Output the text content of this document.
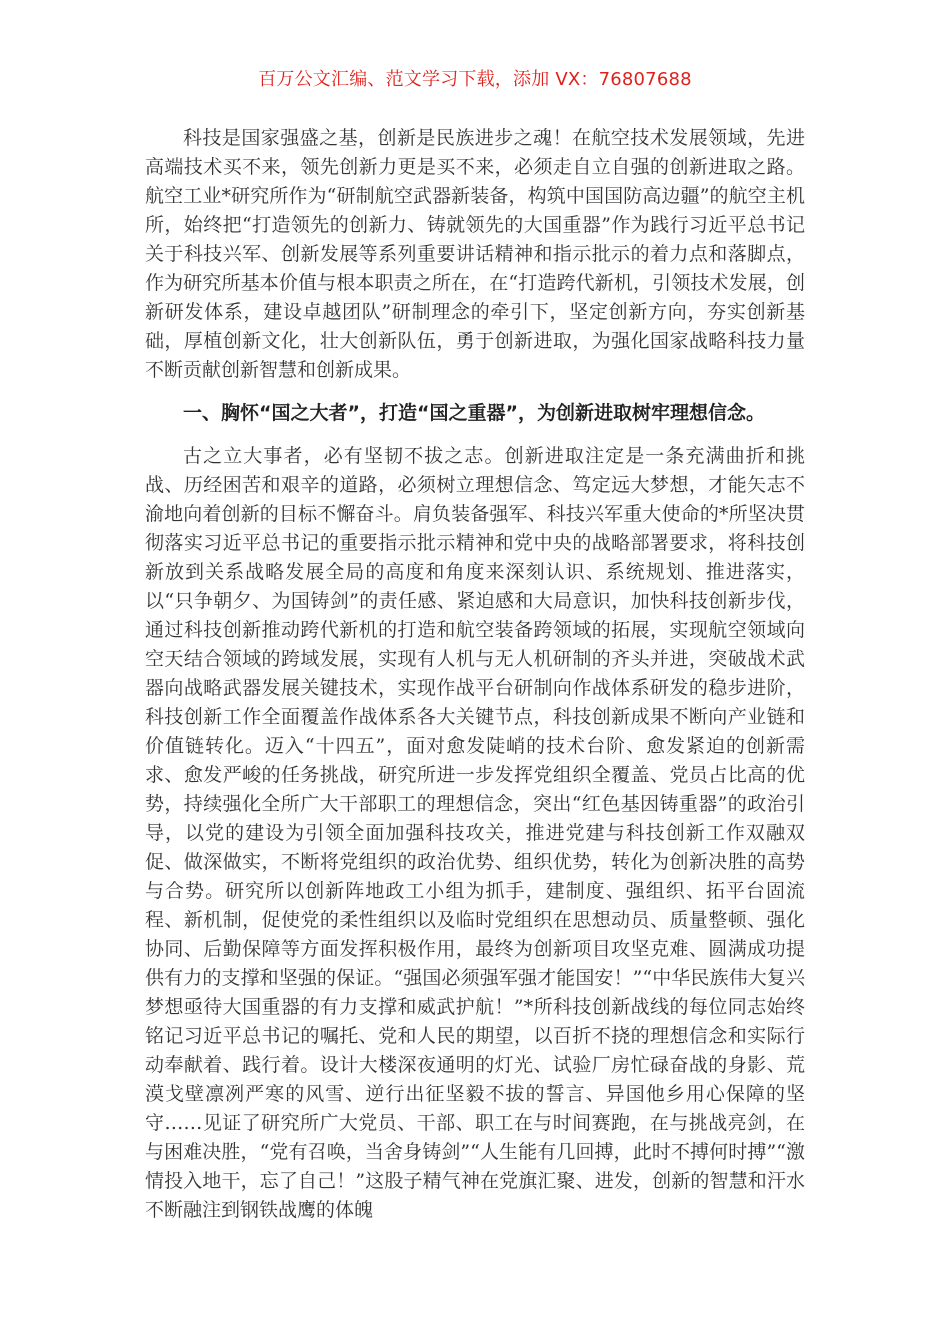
百万公文汇编、范文学习下载，添加 VX：76807688

科技是国家强盛之基，创新是民族进步之魂！在航空技术发展领域，先进高端技术买不来，领先创新力更是买不来，必须走自立自强的创新进取之路。航空工业*研究所作为“研制航空武器新装备，构筑中国国防高边疆”的航空主机所，始终把“打造领先的创新力、铸就领先的大国重器”作为践行习近平总书记关于科技兴军、创新发展等系列重要讲话精神和指示批示的着力点和落脚点，作为研究所基本价值与根本职责之所在，在“打造跨代新机，引领技术发展，创新研发体系，建设卓越团队”研制理念的牵引下，坚定创新方向，夯实创新基础，厚植创新文化，壮大创新队伍，勇于创新进取，为强化国家战略科技力量不断贡献创新智慧和创新成果。

一、胸怀“国之大者”，打造“国之重器”，为创新进取树牢理想信念。

古之立大事者，必有坚韧不拔之志。创新进取注定是一条充满曲折和挑战、历经困苦和艰辛的道路，必须树立理想信念、笃定远大梦想，才能矢志不渝地向着创新的目标不懈奋斗。肩负装备强军、科技兴军重大使命的*所坚决贯彻落实习近平总书记的重要指示批示精神和党中央的战略部署要求，将科技创新放到关系战略发展全局的高度和角度来深刻认识、系统规划、推进落实，以“只争朝夕、为国铸剑”的责任感、紧迫感和大局意识，加快科技创新步伐，通过科技创新推动跨代新机的打造和航空装备跨领域的拓展，实现航空领域向空天结合领域的跨域发展，实现有人机与无人机研制的齐头并进，突破战术武器向战略武器发展关键技术，实现作战平台研制向作战体系研发的稳步进阶，科技创新工作全面覆盖作战体系各大关键节点，科技创新成果不断向产业链和价值链转化。迈入“十四五”，面对愈发陡峭的技术台阶、愈发紧迫的创新需求、愈发严峻的任务挑战，研究所进一步发挥党组织全覆盖、党员占比高的优势，持续强化全所广大干部职工的理想信念，突出“红色基因铸重器”的政治引导，以党的建设为引领全面加强科技攻关，推进党建与科技创新工作双融双促、做深做实，不断将党组织的政治优势、组织优势，转化为创新决胜的高势与合势。研究所以创新阵地政工小组为抓手，建制度、强组织、拓平台固流程、新机制，促使党的柔性组织以及临时党组织在思想动员、质量整顿、强化协同、后勤保障等方面发挥积极作用，最终为创新项目攻坚克难、圆满成功提供有力的支撑和坚强的保证。“强国必须强军强才能国安！”“中华民族伟大复兴梦想亟待大国重器的有力支撑和威武护航！”*所科技创新战线的每位同志始终铭记习近平总书记的嘱托、党和人民的期望，以百折不挠的理想信念和实际行动奉献着、践行着。设计大楼深夜通明的灯光、试验厂房忙碌奋战的身影、荒漠戈壁凛冽严寒的风雪、逆行出征坚毅不拔的誓言、异国他乡用心保障的坚守……见证了研究所广大党员、干部、职工在与时间赛跑，在与挑战亮剑，在与困难决胜，“党有召唤，当舍身铸剑”“人生能有几回搏，此时不搏何时搏”“激情投入地干，忘了自己！”这股子精气神在党旗汇聚、进发，创新的智慧和汗水不断融注到钢铁战鹰的体魄
